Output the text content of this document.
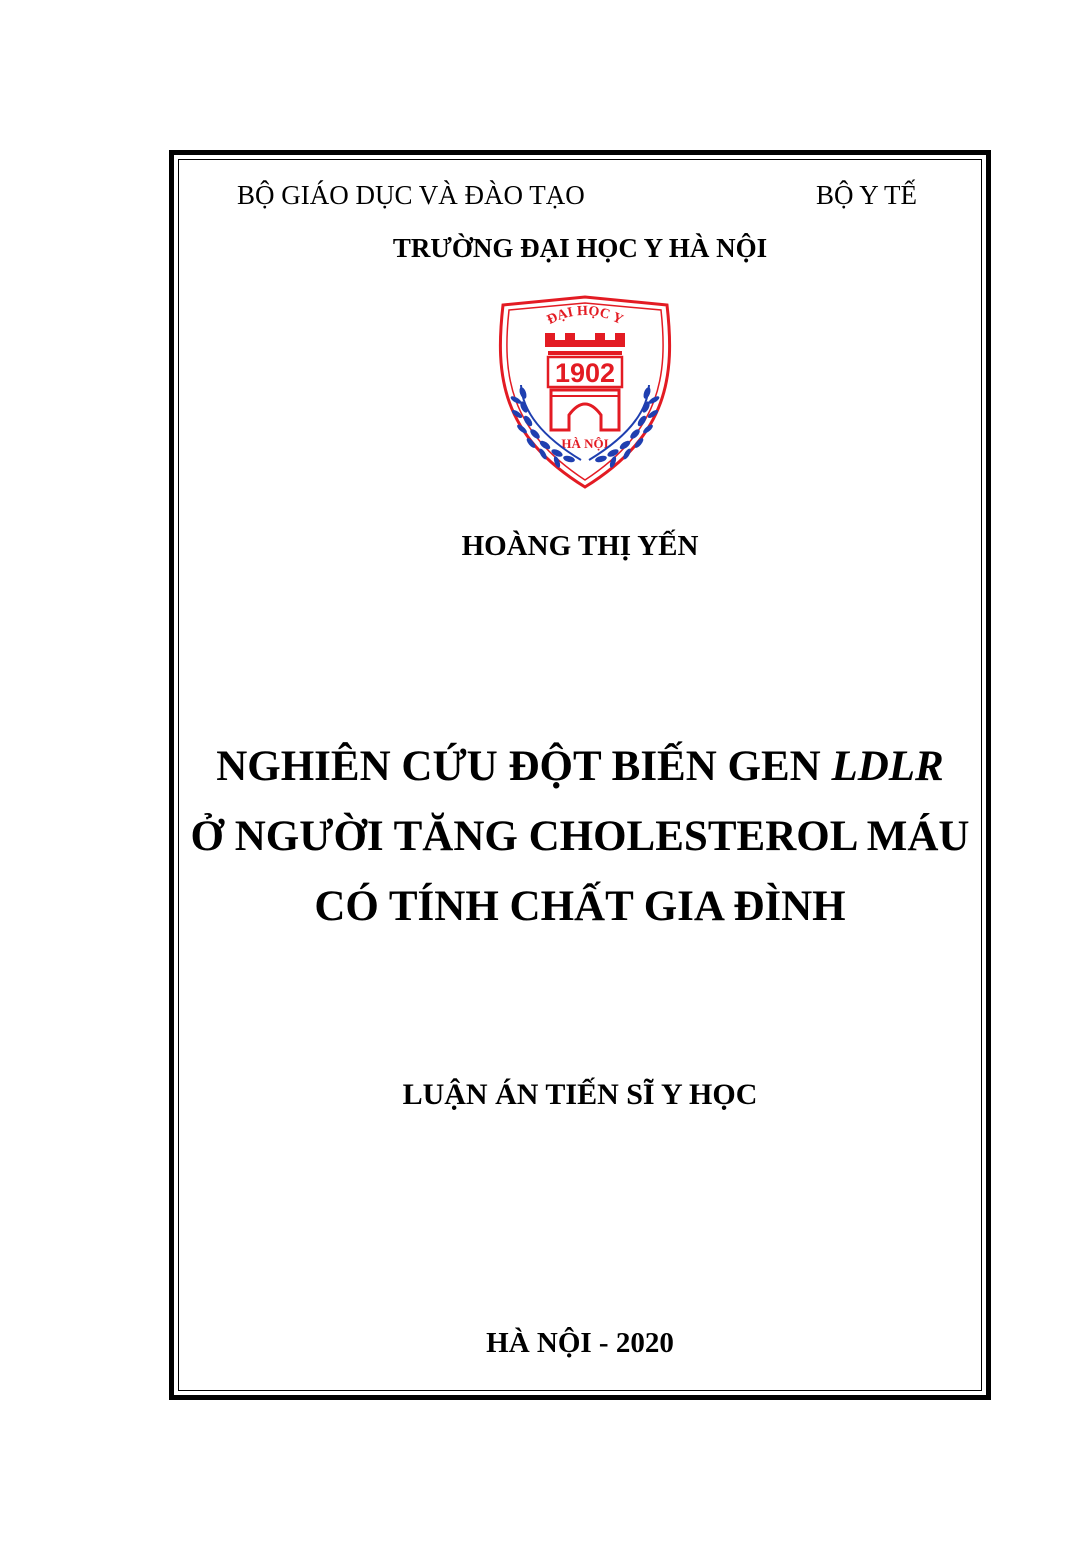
BỘ GIÁO DỤC VÀ ĐÀO TẠO	BỘ Y TẾ
TRƯỜNG ĐẠI HỌC Y HÀ NỘI
ĐẠI HỌC Y
1902
HÀ NỘI
HOÀNG THỊ YẾN
NGHIÊN CỨU ĐỘT BIẾN GEN LDLR
Ở NGƯỜI TĂNG CHOLESTEROL MÁU
CÓ TÍNH CHẤT GIA ĐÌNH
LUẬN ÁN TIẾN SĨ Y HỌC
HÀ NỘI - 2020
